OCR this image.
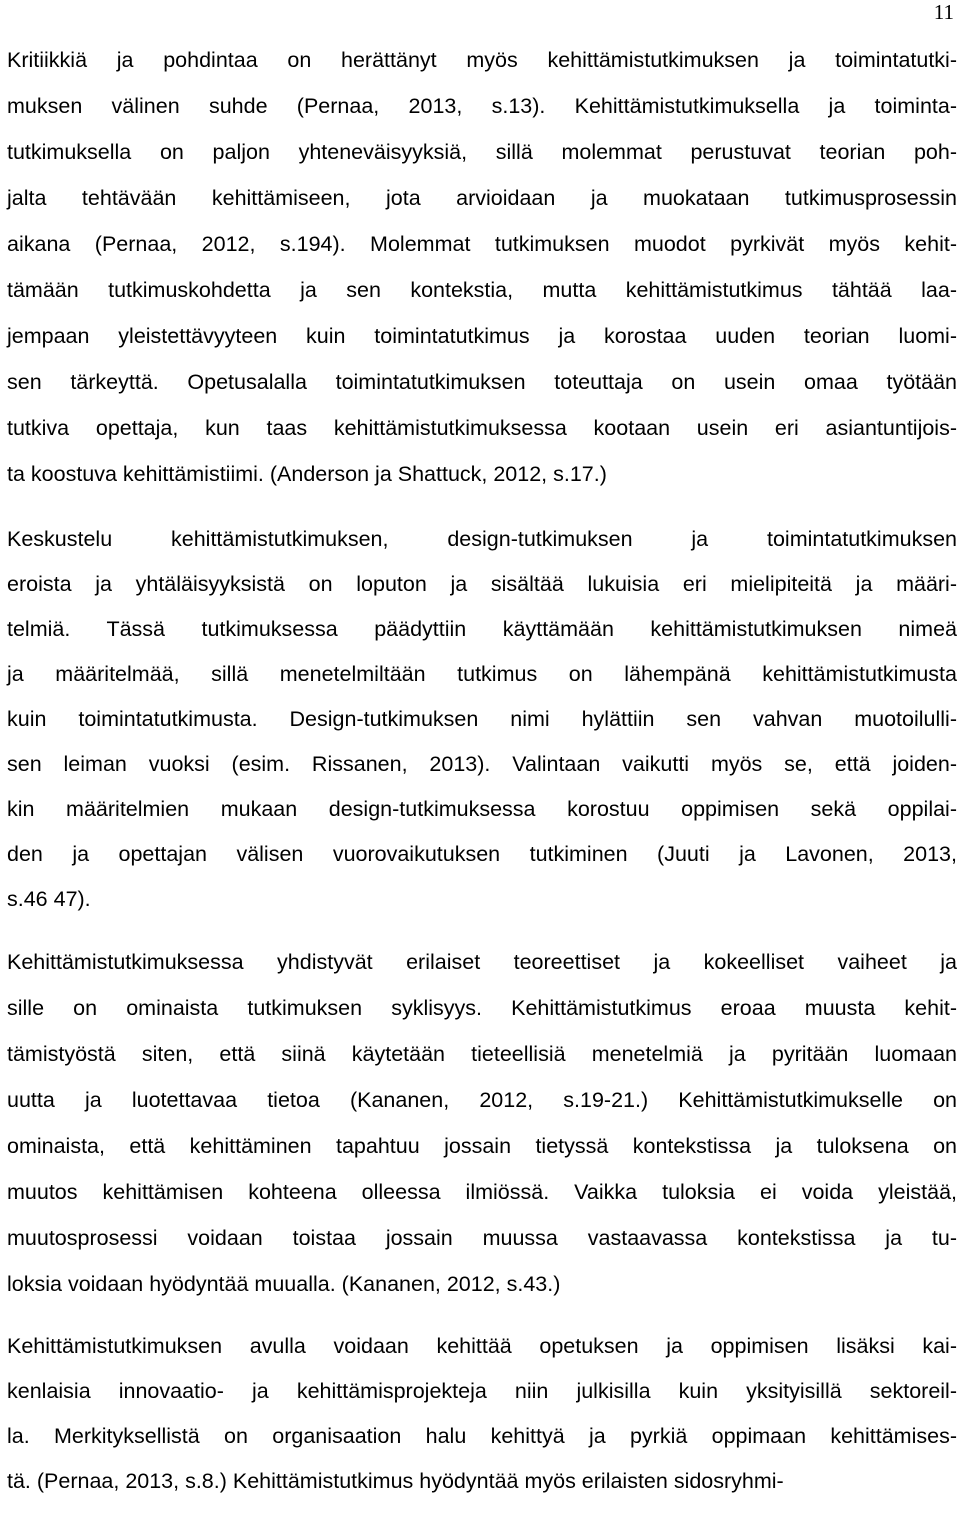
11
Kritiikkiä ja pohdintaa on herättänyt myös kehittämistutkimuksen ja toimintatutki-
muksen välinen suhde (Pernaa, 2013, s.13). Kehittämistutkimuksella ja toiminta-
tutkimuksella on paljon yhteneväisyyksiä, sillä molemmat perustuvat teorian poh-
jalta tehtävään kehittämiseen, jota arvioidaan ja muokataan tutkimusprosessin
aikana (Pernaa, 2012, s.194). Molemmat tutkimuksen muodot pyrkivät myös kehit-
tämään tutkimuskohdetta ja sen kontekstia, mutta kehittämistutkimus tähtää laa-
jempaan yleistettävyyteen kuin toimintatutkimus ja korostaa uuden teorian luomi-
sen tärkeyttä. Opetusalalla toimintatutkimuksen toteuttaja on usein omaa työtään
tutkiva opettaja, kun taas kehittämistutkimuksessa kootaan usein eri asiantuntijois-
ta koostuva kehittämistiimi. (Anderson ja Shattuck, 2012, s.17.)
Keskustelu kehittämistutkimuksen, design-tutkimuksen ja toimintatutkimuksen
eroista ja yhtäläisyyksistä on loputon ja sisältää lukuisia eri mielipiteitä ja määri-
telmiä. Tässä tutkimuksessa päädyttiin käyttämään kehittämistutkimuksen nimeä
ja määritelmää, sillä menetelmiltään tutkimus on lähempänä kehittämistutkimusta
kuin toimintatutkimusta. Design-tutkimuksen nimi hylättiin sen vahvan muotoilulli-
sen leiman vuoksi (esim. Rissanen, 2013). Valintaan vaikutti myös se, että joiden-
kin määritelmien mukaan design-tutkimuksessa korostuu oppimisen sekä oppilai-
den ja opettajan välisen vuorovaikutuksen tutkiminen (Juuti ja Lavonen, 2013,
s.46 47).
Kehittämistutkimuksessa yhdistyvät erilaiset teoreettiset ja kokeelliset vaiheet ja
sille on ominaista tutkimuksen syklisyys. Kehittämistutkimus eroaa muusta kehit-
tämistyöstä siten, että siinä käytetään tieteellisiä menetelmiä ja pyritään luomaan
uutta ja luotettavaa tietoa (Kananen, 2012, s.19-21.) Kehittämistutkimukselle on
ominaista, että kehittäminen tapahtuu jossain tietyssä kontekstissa ja tuloksena on
muutos kehittämisen kohteena olleessa ilmiössä. Vaikka tuloksia ei voida yleistää,
muutosprosessi voidaan toistaa jossain muussa vastaavassa kontekstissa ja tu-
loksia voidaan hyödyntää muualla. (Kananen, 2012, s.43.)
Kehittämistutkimuksen avulla voidaan kehittää opetuksen ja oppimisen lisäksi kai-
kenlaisia innovaatio- ja kehittämisprojekteja niin julkisilla kuin yksityisillä sektoreil-
la. Merkityksellistä on organisaation halu kehittyä ja pyrkiä oppimaan kehittämises-
tä. (Pernaa, 2013, s.8.) Kehittämistutkimus hyödyntää myös erilaisten sidosryhmi-
